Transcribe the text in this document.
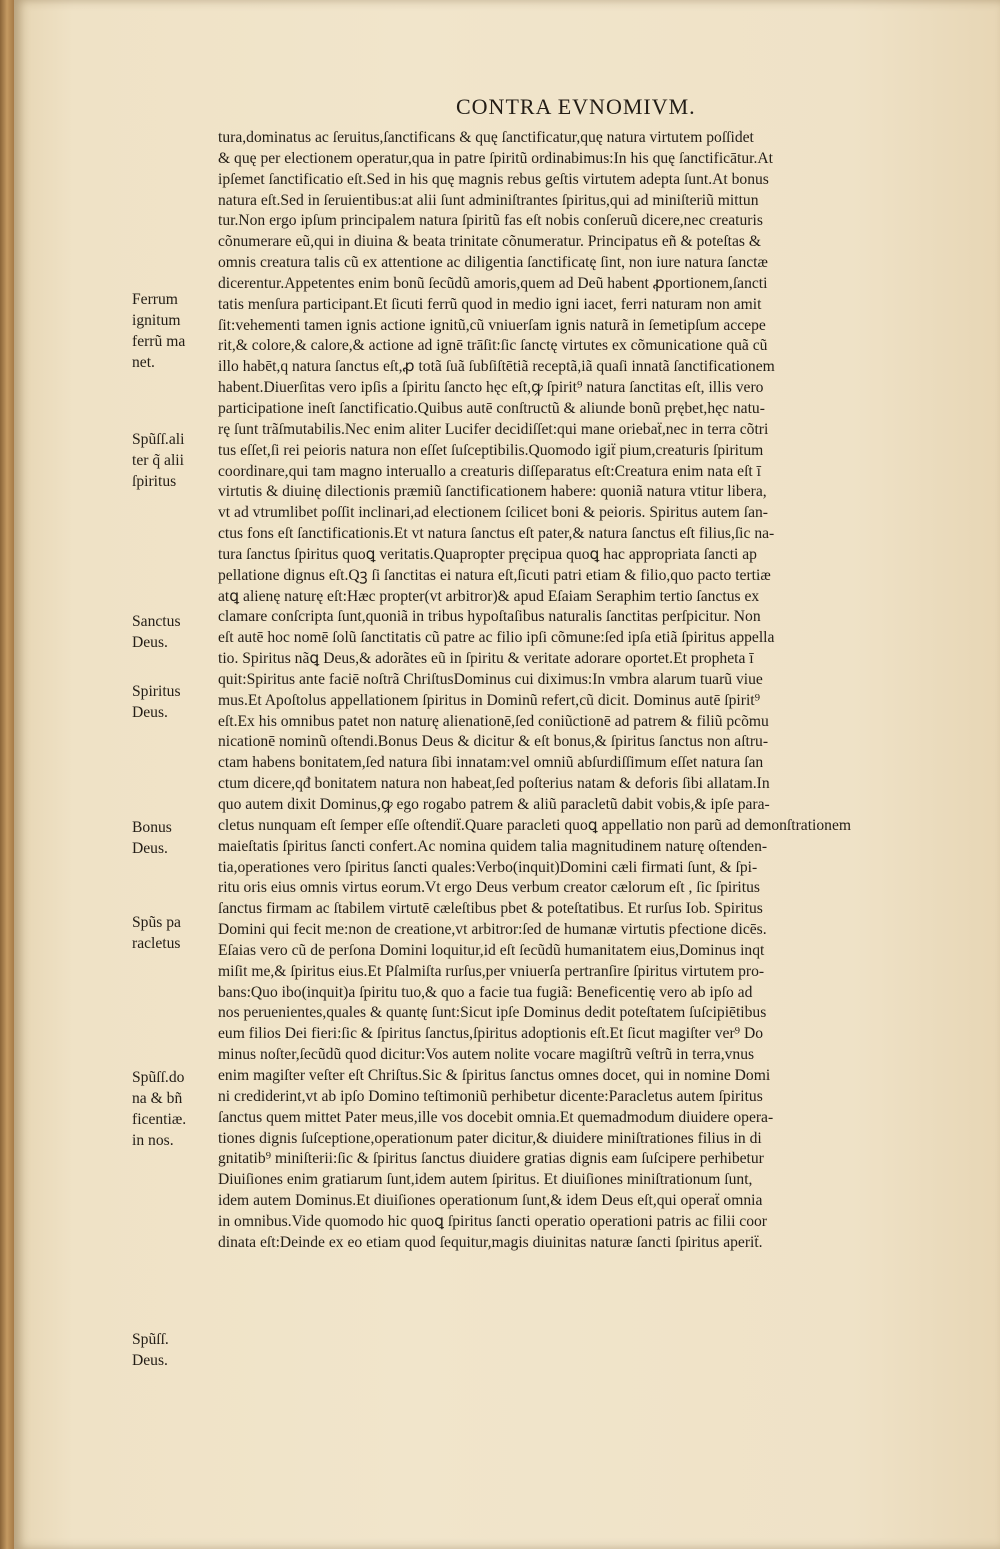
CONTRA EVNOMIVM.
tura,dominatus ac ſeruitus,ſanctificans & quę ſanctificatur,quę natura virtutem poſſidet
& quę per electionem operatur,qua in patre ſpiritũ ordinabimus:In his quę ſanctificātur.At
ipſemet ſanctificatio eſt.Sed in his quę magnis rebus geſtis virtutem adepta ſunt.At bonus
natura eſt.Sed in ſeruientibus:at alii ſunt adminiſtrantes ſpiritus,qui ad miniſteriũ mittun
tur.Non ergo ipſum principalem natura ſpiritũ fas eſt nobis conſeruũ dicere,nec creaturis
cõnumerare eũ,qui in diuina & beata trinitate cõnumeratur. Principatus eñ & poteſtas &
omnis creatura talis cũ ex attentione ac diligentia ſanctificatę ſint, non iure natura ſanctæ
dicerentur.Appetentes enim bonũ ſecũdũ amoris,quem ad Deũ habent ꝓportionem,ſancti
tatis menſura participant.Et ſicuti ferrũ quod in medio igni iacet, ferri naturam non amit
ſit:vehementi tamen ignis actione ignitũ,cũ vniuerſam ignis naturã in ſemetipſum accepe
rit,& colore,& calore,& actione ad ignē trāſit:ſic ſanctę virtutes ex cõmunicatione quã cũ
illo habēt,q natura ſanctus eſt,ꝓ totã ſuã ſubſiſtētiã receptã,iã quaſi innatã ſanctificationem
habent.Diuerſitas vero ipſis a ſpiritu ſancto hęc eſt,ꝙ ſpirit⁹ natura ſanctitas eſt, illis vero
participatione ineſt ſanctificatio.Quibus autē conſtructũ & aliunde bonũ prębet,hęc natu-
rę ſunt trãſmutabilis.Nec enim aliter Lucifer decidiſſet:qui mane oriebaẗ,nec in terra cõtri
tus eſſet,ſi rei peioris natura non eſſet ſuſceptibilis.Quomodo igiẗ pium,creaturis ſpiritum
coordinare,qui tam magno interuallo a creaturis diſſeparatus eſt:Creatura enim nata eſt ī
virtutis & diuinę dilectionis præmiũ ſanctificationem habere: quoniã natura vtitur libera,
vt ad vtrumlibet poſſit inclinari,ad electionem ſcilicet boni & peioris. Spiritus autem ſan-
ctus fons eſt ſanctificationis.Et vt natura ſanctus eſt pater,& natura ſanctus eſt filius,ſic na-
tura ſanctus ſpiritus quoꝗ veritatis.Quapropter pręcipua quoꝗ hac appropriata ſancti ap
pellatione dignus eſt.Qꝫ ſi ſanctitas ei natura eſt,ſicuti patri etiam & filio,quo pacto tertiæ
atꝗ alienę naturę eſt:Hæc propter(vt arbitror)& apud Eſaiam Seraphim tertio ſanctus ex
clamare conſcripta ſunt,quoniã in tribus hypoſtaſibus naturalis ſanctitas perſpicitur. Non
eſt autē hoc nomē ſolũ ſanctitatis cũ patre ac filio ipſi cõmune:ſed ipſa etiã ſpiritus appella
tio. Spiritus nãꝗ Deus,& adorãtes eũ in ſpiritu & veritate adorare oportet.Et propheta ī
quit:Spiritus ante faciē noſtrã ChriſtusDominus cui diximus:In vmbra alarum tuarũ viue
mus.Et Apoſtolus appellationem ſpiritus in Dominũ refert,cũ dicit. Dominus autē ſpirit⁹
eſt.Ex his omnibus patet non naturę alienationē,ſed coniũctionē ad patrem & filiũ pcõmu
nicationē nominũ oſtendi.Bonus Deus & dicitur & eſt bonus,& ſpiritus ſanctus non aſtru-
ctam habens bonitatem,ſed natura ſibi innatam:vel omniũ abſurdiſſimum eſſet natura ſan
ctum dicere,qđ bonitatem natura non habeat,ſed poſterius natam & deforis ſibi allatam.In
quo autem dixit Dominus,ꝙ ego rogabo patrem & aliũ paracletũ dabit vobis,& ipſe para-
cletus nunquam eſt ſemper eſſe oſtendiẗ.Quare paracleti quoꝗ appellatio non parũ ad demonſtrationem
maieſtatis ſpiritus ſancti confert.Ac nomina quidem talia magnitudinem naturę oſtenden-
tia,operationes vero ſpiritus ſancti quales:Verbo(inquit)Domini cæli firmati ſunt, & ſpi-
ritu oris eius omnis virtus eorum.Vt ergo Deus verbum creator cælorum eſt , ſic ſpiritus
ſanctus firmam ac ſtabilem virtutē cæleſtibus pbet & poteſtatibus. Et rurſus Iob. Spiritus
Domini qui fecit me:non de creatione,vt arbitror:ſed de humanæ virtutis pfectione dicēs.
Eſaias vero cũ de perſona Domini loquitur,id eſt ſecũdũ humanitatem eius,Dominus inqt
miſit me,& ſpiritus eius.Et Pſalmiſta rurſus,per vniuerſa pertranſire ſpiritus virtutem pro-
bans:Quo ibo(inquit)a ſpiritu tuo,& quo a facie tua fugiã: Beneficentię vero ab ipſo ad
nos peruenientes,quales & quantę ſunt:Sicut ipſe Dominus dedit poteſtatem ſuſcipiētibus
eum filios Dei fieri:ſic & ſpiritus ſanctus,ſpiritus adoptionis eſt.Et ſicut magiſter ver⁹ Do
minus noſter,ſecũdũ quod dicitur:Vos autem nolite vocare magiſtrũ veſtrũ in terra,vnus
enim magiſter veſter eſt Chriſtus.Sic & ſpiritus ſanctus omnes docet, qui in nomine Domi
ni crediderint,vt ab ipſo Domino teſtimoniũ perhibetur dicente:Paracletus autem ſpiritus
ſanctus quem mittet Pater meus,ille vos docebit omnia.Et quemadmodum diuidere opera-
tiones dignis ſuſceptione,operationum pater dicitur,& diuidere miniſtrationes filius in di
gnitatib⁹ miniſterii:ſic & ſpiritus ſanctus diuidere gratias dignis eam ſuſcipere perhibetur
Diuiſiones enim gratiarum ſunt,idem autem ſpiritus. Et diuiſiones miniſtrationum ſunt,
idem autem Dominus.Et diuiſiones operationum ſunt,& idem Deus eſt,qui operaẗ omnia
in omnibus.Vide quomodo hic quoꝗ ſpiritus ſancti operatio operationi patris ac filii coor
dinata eſt:Deinde ex eo etiam quod ſequitur,magis diuinitas naturæ ſancti ſpiritus aperiẗ.
Ferrum
ignitum
ferrũ ma
net.
Spũſſ.ali
ter q̃ alii
ſpiritus
Sanctus
Deus.
Spiritus
Deus.
Bonus
Deus.
Spũs pa
racletus
Spũſſ.do
na & bñ
ficentiæ.
in nos.
Spũſſ.
Deus.
